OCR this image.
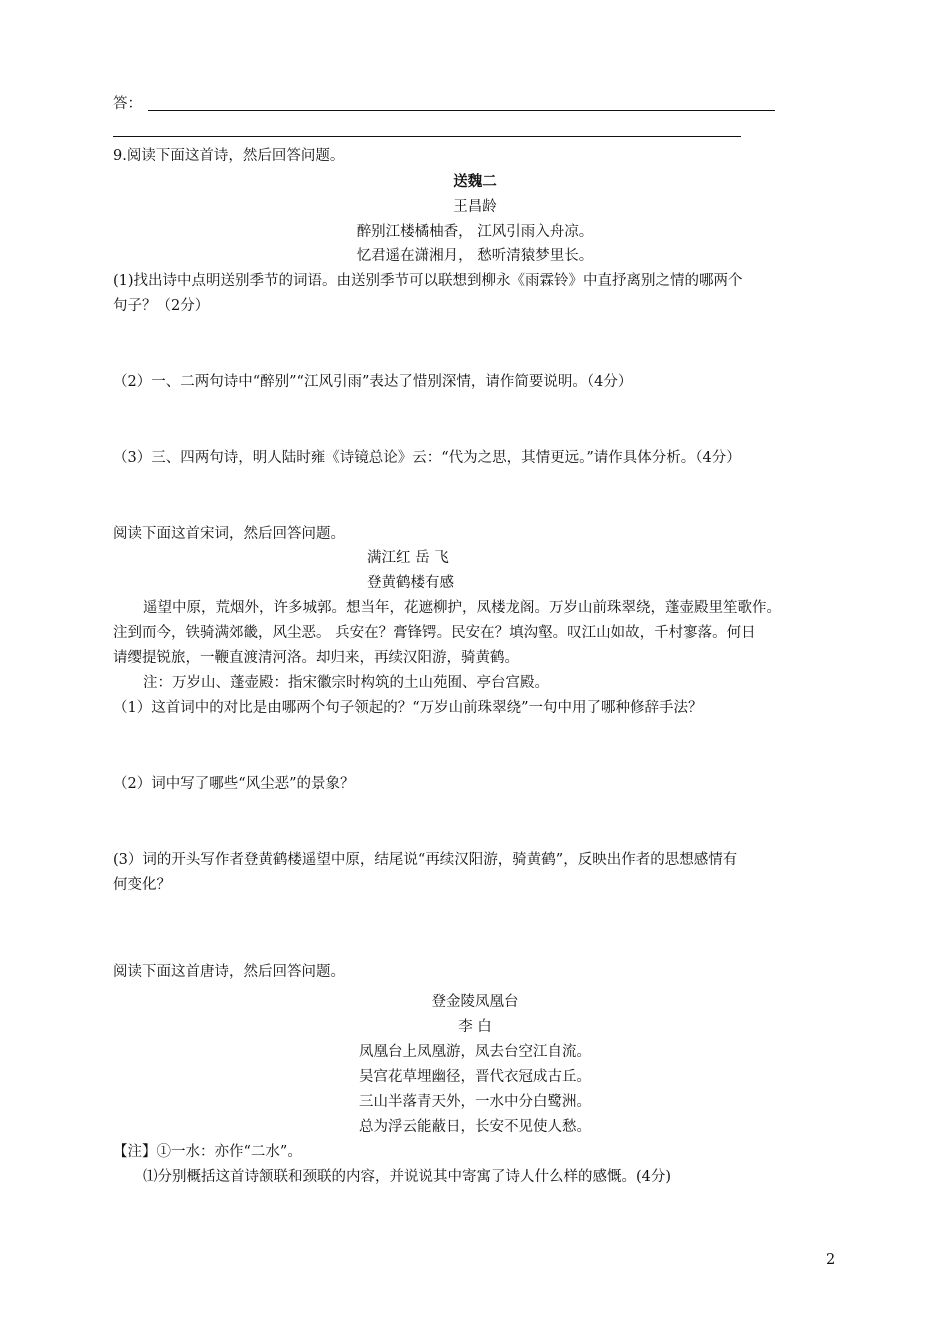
答：
9.阅读下面这首诗，然后回答问题。
送魏二
王昌龄
醉别江楼橘柚香， 江风引雨入舟凉。
忆君遥在潇湘月， 愁听清猿梦里长。
(1)找出诗中点明送别季节的词语。由送别季节可以联想到柳永《雨霖铃》中直抒离别之情的哪两个
句子？（2分）
（2）一、二两句诗中“醉别”“江风引雨”表达了惜别深情，请作简要说明。（4分）
（3）三、四两句诗，明人陆时雍《诗镜总论》云：“代为之思，其情更远。”请作具体分析。（4分）
阅读下面这首宋词，然后回答问题。
满江红 岳 飞
登黄鹤楼有感
遥望中原，荒烟外，许多城郭。想当年，花遮柳护，凤楼龙阁。万岁山前珠翠绕，蓬壶殿里笙歌作。
注到而今，铁骑满郊畿，风尘恶。 兵安在？膏锋锷。民安在？填沟壑。叹江山如故，千村寥落。何日
请缨提锐旅，一鞭直渡清河洛。却归来，再续汉阳游，骑黄鹤。
注：万岁山、蓬壶殿：指宋徽宗时构筑的土山苑囿、亭台宫殿。
（1）这首词中的对比是由哪两个句子领起的？“万岁山前珠翠绕”一句中用了哪种修辞手法？
（2）词中写了哪些“风尘恶”的景象？
(3）词的开头写作者登黄鹤楼遥望中原，结尾说“再续汉阳游，骑黄鹤”，反映出作者的思想感情有
何变化？
阅读下面这首唐诗，然后回答问题。
登金陵凤凰台
李 白
凤凰台上凤凰游，凤去台空江自流。
吴宫花草埋幽径，晋代衣冠成古丘。
三山半落青天外，一水中分白鹭洲。
总为浮云能蔽日，长安不见使人愁。
【注】①一水：亦作“二水”。
⑴分别概括这首诗颔联和颈联的内容，并说说其中寄寓了诗人什么样的感慨。(4分)
2
